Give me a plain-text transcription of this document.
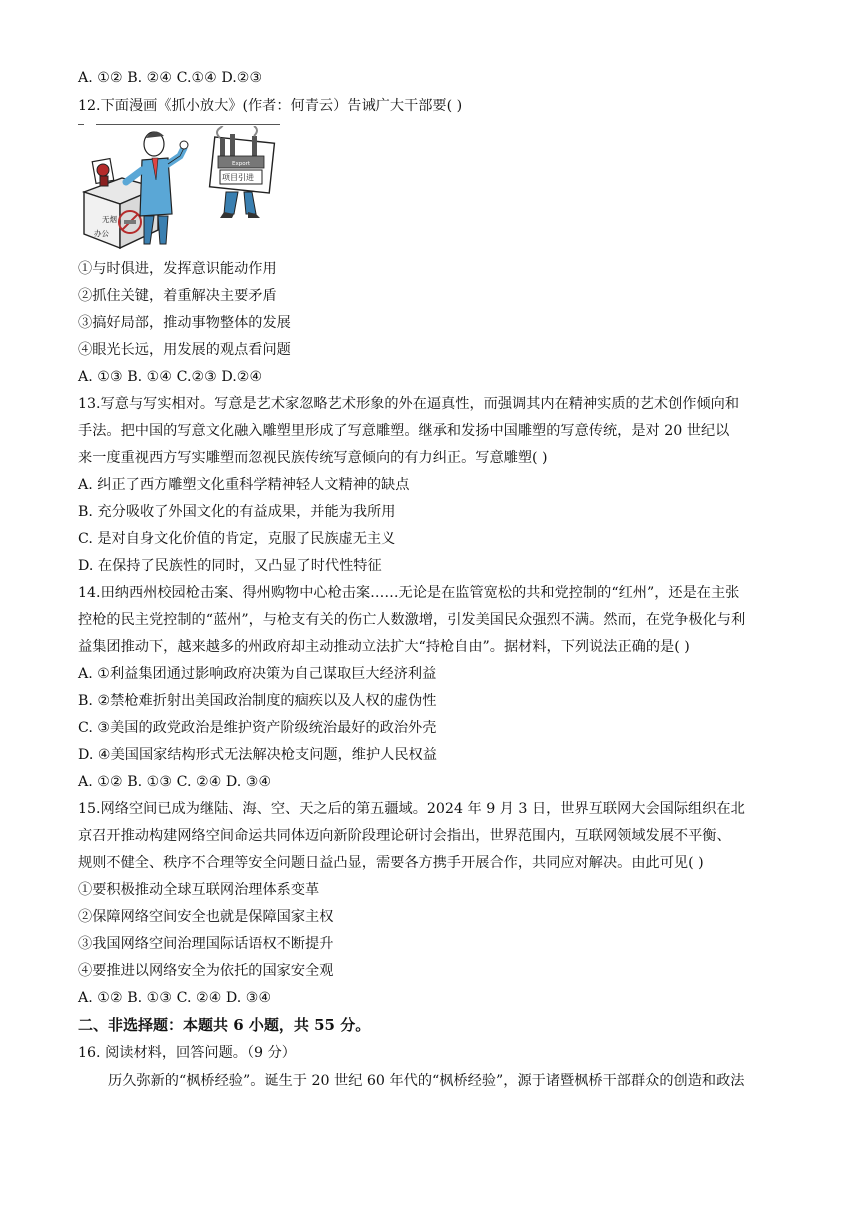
A. ①② B. ②④ C.①④ D.②③
12.下面漫画《抓小放大》(作者：何青云）告诫广大干部要( )
无烟
办公
Export
项目引进
①与时俱进，发挥意识能动作用
②抓住关键，着重解决主要矛盾
③搞好局部，推动事物整体的发展
④眼光长远，用发展的观点看问题
A. ①③ B. ①④ C.②③ D.②④
13.写意与写实相对。写意是艺术家忽略艺术形象的外在逼真性，而强调其内在精神实质的艺术创作倾向和
手法。把中国的写意文化融入雕塑里形成了写意雕塑。继承和发扬中国雕塑的写意传统，是对 20 世纪以
来一度重视西方写实雕塑而忽视民族传统写意倾向的有力纠正。写意雕塑( )
A. 纠正了西方雕塑文化重科学精神轻人文精神的缺点
B. 充分吸收了外国文化的有益成果，并能为我所用
C. 是对自身文化价值的肯定，克服了民族虚无主义
D. 在保持了民族性的同时，又凸显了时代性特征
14.田纳西州校园枪击案、得州购物中心枪击案……无论是在监管宽松的共和党控制的“红州”，还是在主张
控枪的民主党控制的“蓝州”，与枪支有关的伤亡人数激增，引发美国民众强烈不满。然而，在党争极化与利
益集团推动下，越来越多的州政府却主动推动立法扩大“持枪自由”。据材料，下列说法正确的是( )
A. ①利益集团通过影响政府决策为自己谋取巨大经济利益
B. ②禁枪难折射出美国政治制度的痼疾以及人权的虚伪性
C. ③美国的政党政治是维护资产阶级统治最好的政治外壳
D. ④美国国家结构形式无法解决枪支问题，维护人民权益
A. ①② B. ①③ C. ②④ D. ③④
15.网络空间已成为继陆、海、空、天之后的第五疆域。2024 年 9 月 3 日，世界互联网大会国际组织在北
京召开推动构建网络空间命运共同体迈向新阶段理论研讨会指出，世界范围内，互联网领域发展不平衡、
规则不健全、秩序不合理等安全问题日益凸显，需要各方携手开展合作，共同应对解决。由此可见( )
①要积极推动全球互联网治理体系变革
②保障网络空间安全也就是保障国家主权
③我国网络空间治理国际话语权不断提升
④要推进以网络安全为依托的国家安全观
A. ①② B. ①③ C. ②④ D. ③④
二、非选择题：本题共 6 小题，共 55 分。
16. 阅读材料，回答问题。（9 分）
历久弥新的“枫桥经验”。诞生于 20 世纪 60 年代的“枫桥经验”，源于诸暨枫桥干部群众的创造和政法
